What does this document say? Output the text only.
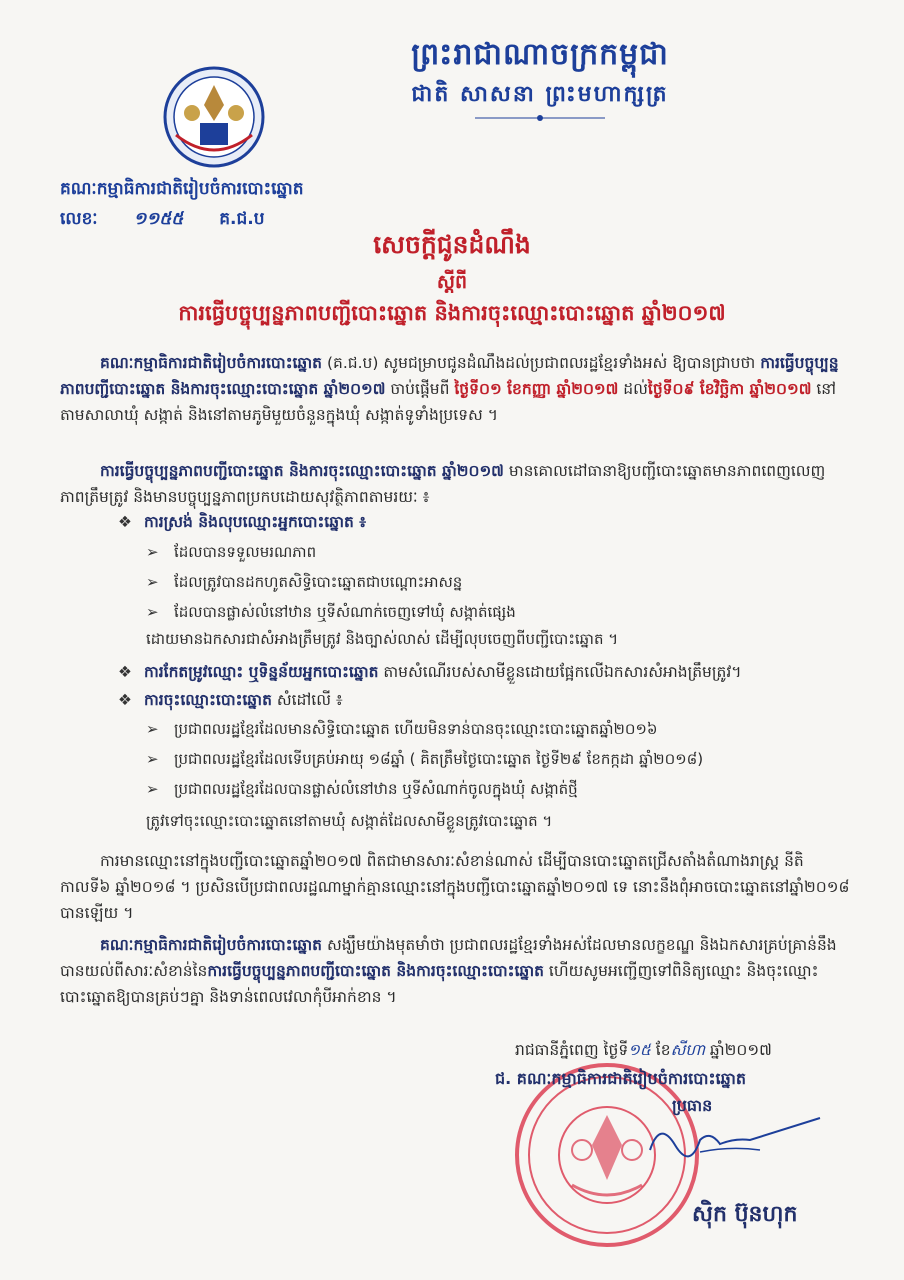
ព្រះរាជាណាចក្រកម្ពុជា
ជាតិ សាសនា ព្រះមហាក្សត្រ
គណៈកម្មាធិការជាតិរៀបចំការបោះឆ្នោត
លេខៈ ១១៥៥ គ.ជ.ប
សេចក្តីជូនដំណឹង
ស្តីពី
ការធ្វើបច្ចុប្បន្នភាពបញ្ជីបោះឆ្នោត និងការចុះឈ្មោះបោះឆ្នោត ឆ្នាំ២០១៧
គណៈកម្មាធិការជាតិរៀបចំការបោះឆ្នោត (គ.ជ.ប) សូមជម្រាបជូនដំណឹងដល់ប្រជាពលរដ្ឋខ្មែរទាំងអស់ ឱ្យបានជ្រាបថា ការធ្វើបច្ចុប្បន្នភាពបញ្ជីបោះឆ្នោត និងការចុះឈ្មោះបោះឆ្នោត ឆ្នាំ២០១៧ ចាប់ផ្តើមពី ថ្ងៃទី០១ ខែកញ្ញា ឆ្នាំ២០១៧ ដល់ថ្ងៃទី០៩ ខែវិច្ឆិកា ឆ្នាំ២០១៧ នៅតាមសាលាឃុំ សង្កាត់ និងនៅតាមភូមិមួយចំនួនក្នុងឃុំ សង្កាត់ទូទាំងប្រទេស ។
ការធ្វើបច្ចុប្បន្នភាពបញ្ជីបោះឆ្នោត និងការចុះឈ្មោះបោះឆ្នោត ឆ្នាំ២០១៧ មានគោលដៅធានាឱ្យបញ្ជីបោះឆ្នោតមានភាពពេញលេញ ភាពត្រឹមត្រូវ និងមានបច្ចុប្បន្នភាពប្រកបដោយសុវត្ថិភាពតាមរយៈ ៖
❖ ការស្រង់ និងលុបឈ្មោះអ្នកបោះឆ្នោត ៖
➢ ដែលបានទទួលមរណភាព
➢ ដែលត្រូវបានដកហូតសិទ្ធិបោះឆ្នោតជាបណ្តោះអាសន្ន
➢ ដែលបានផ្លាស់លំនៅឋាន ឬទីសំណាក់ចេញទៅឃុំ សង្កាត់ផ្សេង
ដោយមានឯកសារជាសំអាងត្រឹមត្រូវ និងច្បាស់លាស់ ដើម្បីលុបចេញពីបញ្ជីបោះឆ្នោត ។
❖ ការកែតម្រូវឈ្មោះ ឬទិន្នន័យអ្នកបោះឆ្នោត តាមសំណើរបស់សាមីខ្លួនដោយផ្អែកលើឯកសារសំអាងត្រឹមត្រូវ។
❖ ការចុះឈ្មោះបោះឆ្នោត សំដៅលើ ៖
➢ ប្រជាពលរដ្ឋខ្មែរដែលមានសិទ្ធិបោះឆ្នោត ហើយមិនទាន់បានចុះឈ្មោះបោះឆ្នោតឆ្នាំ២០១៦
➢ ប្រជាពលរដ្ឋខ្មែរដែលទើបគ្រប់អាយុ ១៨ឆ្នាំ ( គិតត្រឹមថ្ងៃបោះឆ្នោត ថ្ងៃទី២៩ ខែកក្កដា ឆ្នាំ២០១៨)
➢ ប្រជាពលរដ្ឋខ្មែរដែលបានផ្លាស់លំនៅឋាន ឬទីសំណាក់ចូលក្នុងឃុំ សង្កាត់ថ្មី
ត្រូវទៅចុះឈ្មោះបោះឆ្នោតនៅតាមឃុំ សង្កាត់ដែលសាមីខ្លួនត្រូវបោះឆ្នោត ។
ការមានឈ្មោះនៅក្នុងបញ្ជីបោះឆ្នោតឆ្នាំ២០១៧ ពិតជាមានសារៈសំខាន់ណាស់ ដើម្បីបានបោះឆ្នោតជ្រើសតាំងតំណាងរាស្ត្រ នីតិកាលទី៦ ឆ្នាំ២០១៨ ។ ប្រសិនបើប្រជាពលរដ្ឋណាម្នាក់គ្មានឈ្មោះនៅក្នុងបញ្ជីបោះឆ្នោតឆ្នាំ២០១៧ ទេ នោះនឹងពុំអាចបោះឆ្នោតនៅឆ្នាំ២០១៨ បានឡើយ ។
គណៈកម្មាធិការជាតិរៀបចំការបោះឆ្នោត សង្ឃឹមយ៉ាងមុតមាំថា ប្រជាពលរដ្ឋខ្មែរទាំងអស់ដែលមានលក្ខខណ្ឌ និងឯកសារគ្រប់គ្រាន់នឹងបានយល់ពីសារៈសំខាន់នៃការធ្វើបច្ចុប្បន្នភាពបញ្ជីបោះឆ្នោត និងការចុះឈ្មោះបោះឆ្នោត ហើយសូមអញ្ជើញទៅពិនិត្យឈ្មោះ និងចុះឈ្មោះបោះឆ្នោតឱ្យបានគ្រប់ៗគ្នា និងទាន់ពេលវេលាកុំបីអាក់ខាន ។
រាជធានីភ្នំពេញ ថ្ងៃទី១៥ ខែសីហា ឆ្នាំ២០១៧
ជ. គណៈកម្មាធិការជាតិរៀបចំការបោះឆ្នោត
ប្រធាន
ស៊ិក ប៊ុនហុក
